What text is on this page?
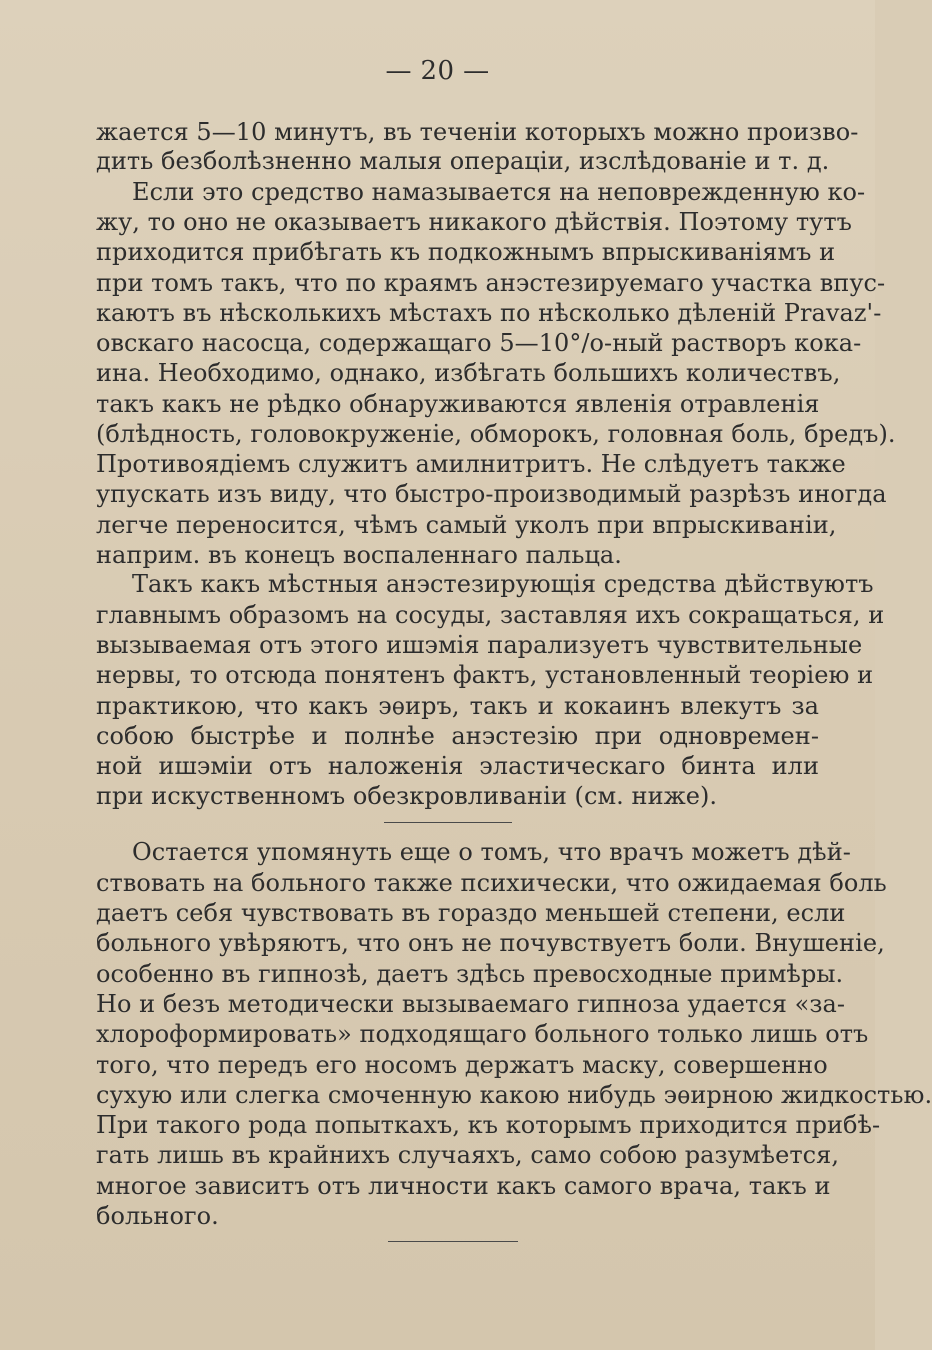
— 20 —
жается 5—10 минутъ, въ теченiи которыхъ можно произво-
дить безболѣзненно малыя операцiи, изслѣдованiе и т. д.
Если это средство намазывается на неповрежденную ко-
жу, то оно не оказываетъ никакого дѣйствiя. Поэтому тутъ
приходится прибѣгать къ подкожнымъ впрыскиванiямъ и
при томъ такъ, что по краямъ анэстезируемаго участка впус-
каютъ въ нѣсколькихъ мѣстахъ по нѣсколько дѣленiй Pravaz'-
овскаго насосца, содержащаго 5—10°/o-ный растворъ кока-
ина. Необходимо, однако, избѣгать большихъ количествъ,
такъ какъ не рѣдко обнаруживаются явленiя отравленiя
(блѣдность, головокруженiе, обморокъ, головная боль, бредъ).
Противоядiемъ служитъ амилнитритъ. Не слѣдуетъ также
упускать изъ виду, что быстро-производимый разрѣзъ иногда
легче переносится, чѣмъ самый уколъ при впрыскиванiи,
наприм. въ конецъ воспаленнаго пальца.
Такъ какъ мѣстныя анэстезирующiя средства дѣйствуютъ
главнымъ образомъ на сосуды, заставляя ихъ сокращаться, и
вызываемая отъ этого ишэмiя парализуетъ чувствительные
нервы, то отсюда понятенъ фактъ, установленный теорiею и
практикою, что какъ эѳиръ, такъ и кокаинъ влекутъ за
собою быстрѣе и полнѣе анэстезiю при одновремен-
ной ишэмiи отъ наложенiя эластическаго бинта или
при искуственномъ обезкровливанiи (см. ниже).
Остается упомянуть еще о томъ, что врачъ можетъ дѣй-
ствовать на больного также психически, что ожидаемая боль
даетъ себя чувствовать въ гораздо меньшей степени, если
больного увѣряютъ, что онъ не почувствуетъ боли. Внушенiе,
особенно въ гипнозѣ, даетъ здѣсь превосходные примѣры.
Но и безъ методически вызываемаго гипноза удается «за-
хлороформировать» подходящаго больного только лишь отъ
того, что передъ его носомъ держатъ маску, совершенно
сухую или слегка смоченную какою нибудь эѳирною жидкостью.
При такого рода попыткахъ, къ которымъ приходится прибѣ-
гать лишь въ крайнихъ случаяхъ, само собою разумѣется,
многое зависитъ отъ личности какъ самого врача, такъ и
больного.
